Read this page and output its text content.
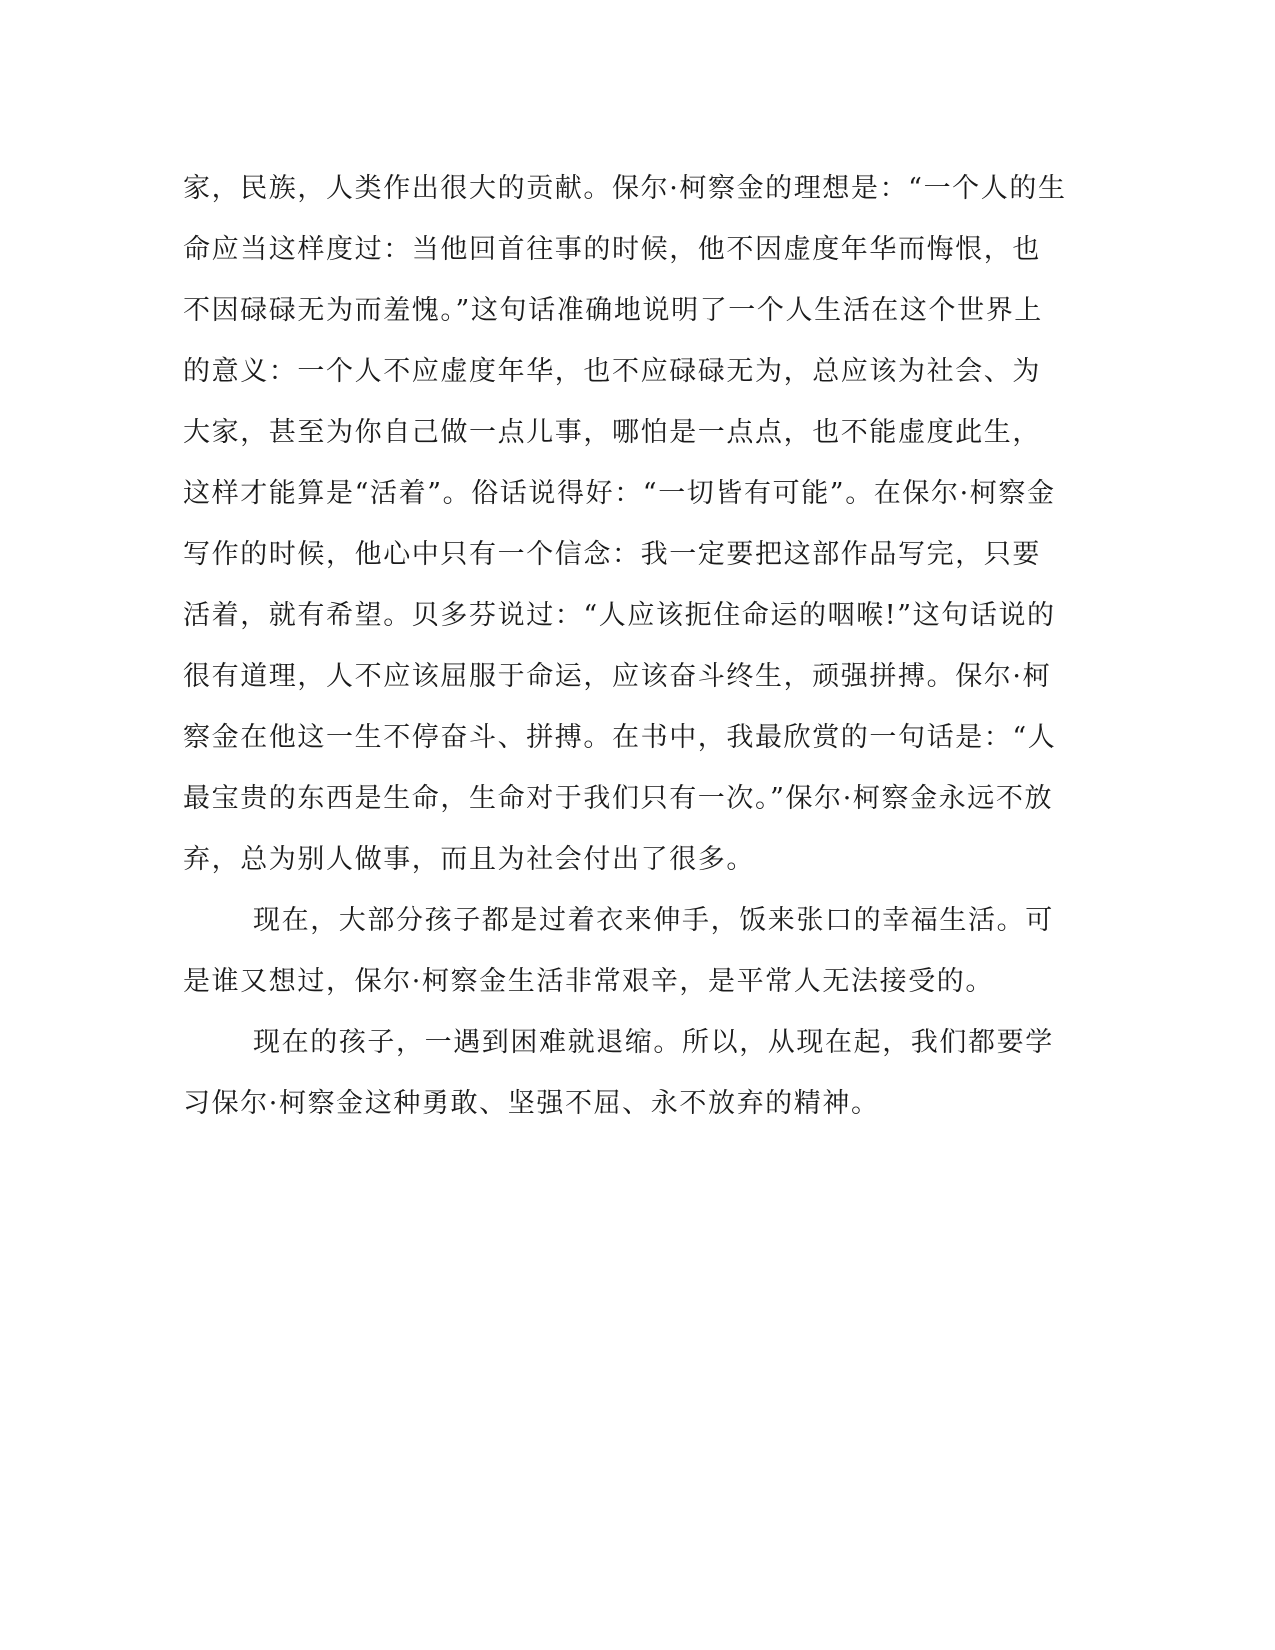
家，民族，人类作出很大的贡献。保尔·柯察金的理想是：“一个人的生
命应当这样度过：当他回首往事的时候，他不因虚度年华而悔恨，也
不因碌碌无为而羞愧。”这句话准确地说明了一个人生活在这个世界上
的意义：一个人不应虚度年华，也不应碌碌无为，总应该为社会、为
大家，甚至为你自己做一点儿事，哪怕是一点点，也不能虚度此生，
这样才能算是“活着”。俗话说得好：“一切皆有可能”。在保尔·柯察金
写作的时候，他心中只有一个信念：我一定要把这部作品写完，只要
活着，就有希望。贝多芬说过：“人应该扼住命运的咽喉!”这句话说的
很有道理，人不应该屈服于命运，应该奋斗终生，顽强拼搏。保尔·柯
察金在他这一生不停奋斗、拼搏。在书中，我最欣赏的一句话是：“人
最宝贵的东西是生命，生命对于我们只有一次。”保尔·柯察金永远不放
弃，总为别人做事，而且为社会付出了很多。
现在，大部分孩子都是过着衣来伸手，饭来张口的幸福生活。可
是谁又想过，保尔·柯察金生活非常艰辛，是平常人无法接受的。
现在的孩子，一遇到困难就退缩。所以，从现在起，我们都要学
习保尔·柯察金这种勇敢、坚强不屈、永不放弃的精神。
